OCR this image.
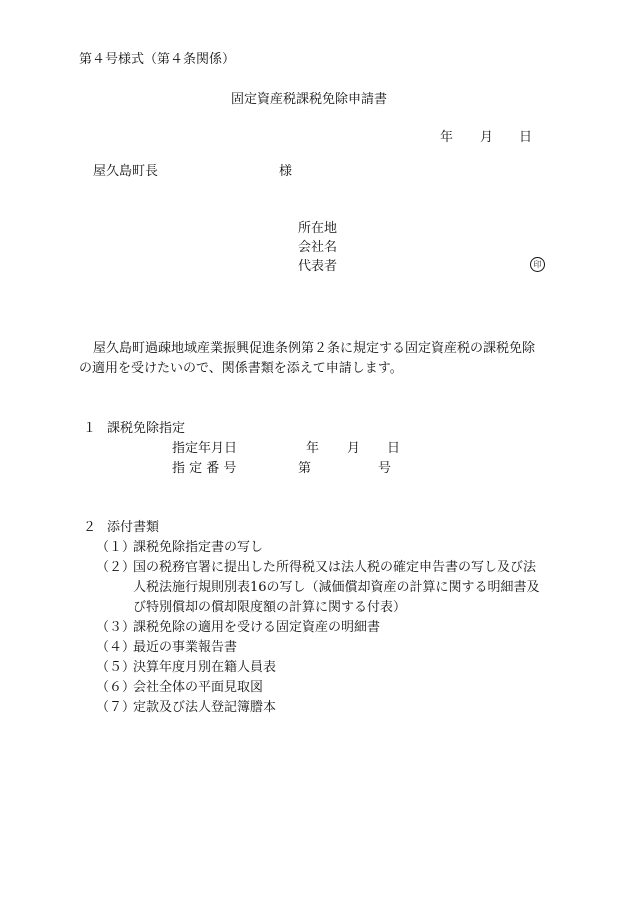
第４号様式（第４条関係）
固定資産税課税免除申請書
年 月 日
屋久島町長	様
所在地
会社名
代表者	印
屋久島町過疎地域産業振興促進条例第２条に規定する固定資産税の課税免除
の適用を受けたいので、関係書類を添えて申請します。
１ 課税免除指定
指定年月日	年 月 日
指 定 番 号	第	号
２ 添付書類
（１）
課税免除指定書の写し
（２）
国の税務官署に提出した所得税又は法人税の確定申告書の写し及び法
人税法施行規則別表16の写し（減価償却資産の計算に関する明細書及
び特別償却の償却限度額の計算に関する付表）
（３）
課税免除の適用を受ける固定資産の明細書
（４）
最近の事業報告書
（５）
決算年度月別在籍人員表
（６）
会社全体の平面見取図
（７）
定款及び法人登記簿謄本
